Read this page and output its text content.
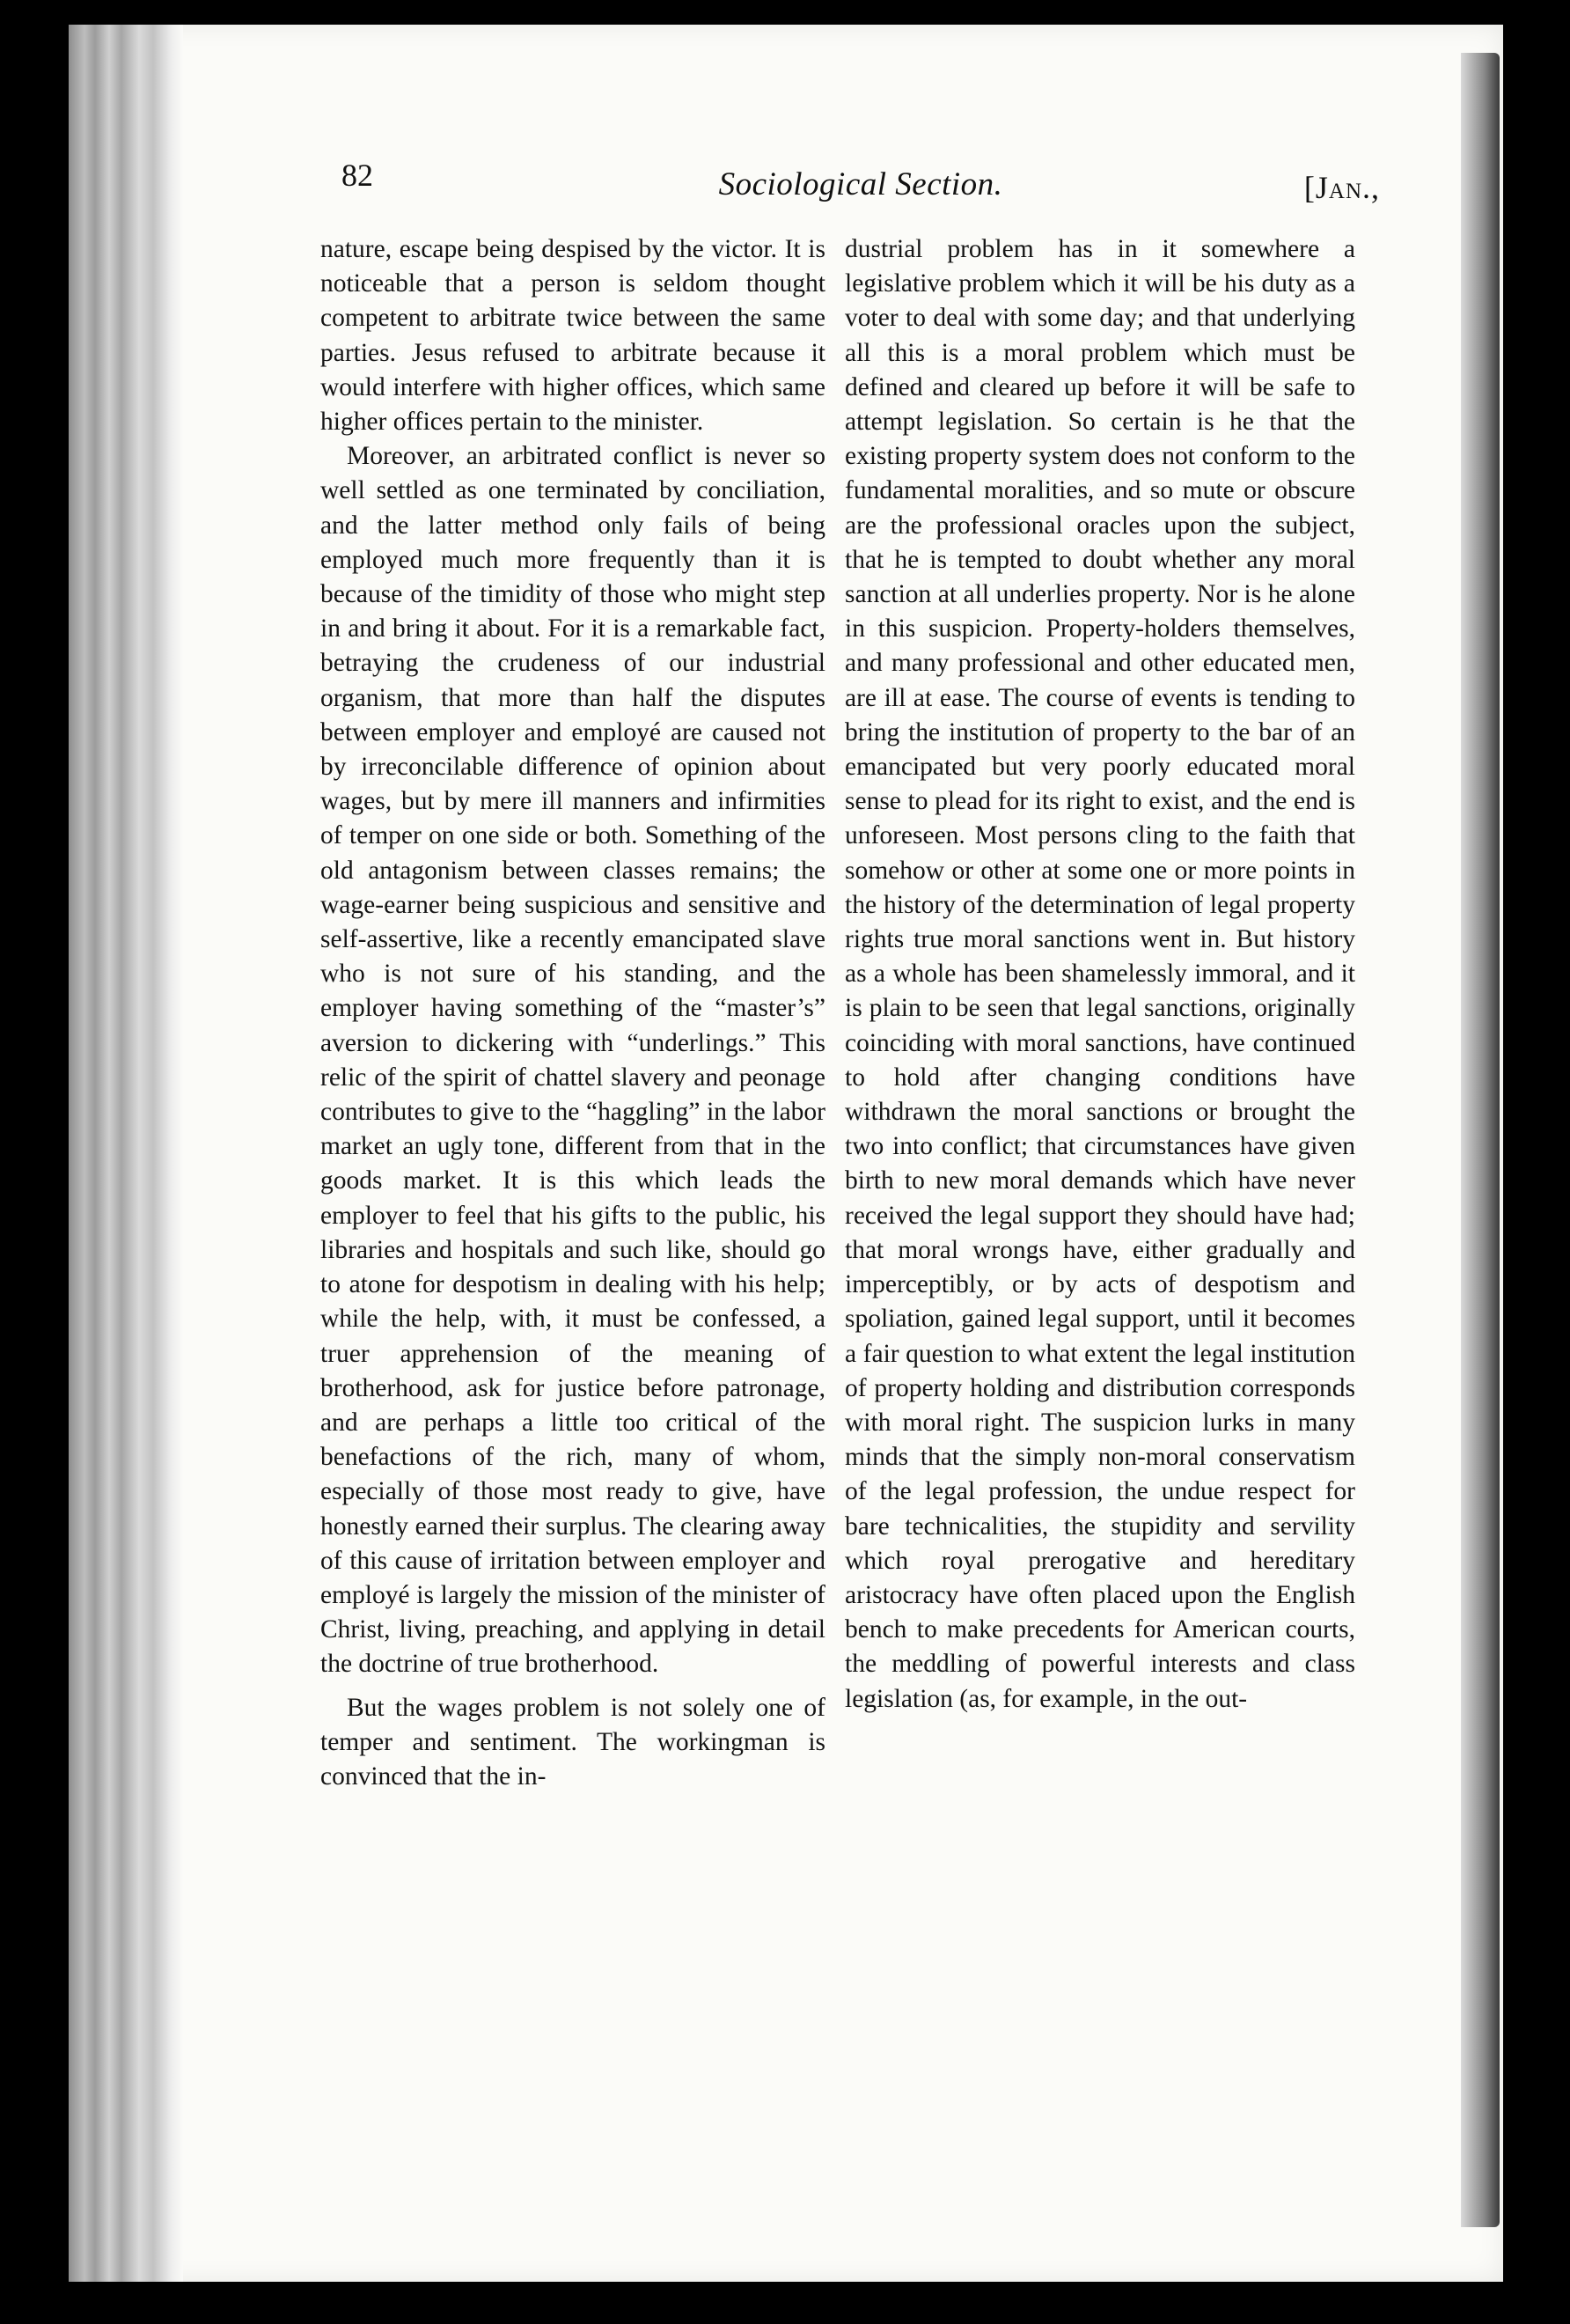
82	Sociological Section.	[Jan.,

nature, escape being despised by the victor. It is noticeable that a person is seldom thought competent to arbitrate twice between the same parties. Jesus refused to arbitrate because it would interfere with higher offices, which same higher offices pertain to the minister.

Moreover, an arbitrated conflict is never so well settled as one terminated by conciliation, and the latter method only fails of being employed much more frequently than it is because of the timidity of those who might step in and bring it about. For it is a remarkable fact, betraying the crudeness of our industrial organism, that more than half the disputes between employer and employé are caused not by irreconcilable difference of opinion about wages, but by mere ill manners and infirmities of temper on one side or both. Something of the old antagonism between classes remains; the wage-earner being suspicious and sensitive and self-assertive, like a recently emancipated slave who is not sure of his standing, and the employer having something of the “master’s” aversion to dickering with “underlings.” This relic of the spirit of chattel slavery and peonage contributes to give to the “haggling” in the labor market an ugly tone, different from that in the goods market. It is this which leads the employer to feel that his gifts to the public, his libraries and hospitals and such like, should go to atone for despotism in dealing with his help; while the help, with, it must be confessed, a truer apprehension of the meaning of brotherhood, ask for justice before patronage, and are perhaps a little too critical of the benefactions of the rich, many of whom, especially of those most ready to give, have honestly earned their surplus. The clearing away of this cause of irritation between employer and employé is largely the mission of the minister of Christ, living, preaching, and applying in detail the doctrine of true brotherhood.

But the wages problem is not solely one of temper and sentiment. The workingman is convinced that the in-

dustrial problem has in it somewhere a legislative problem which it will be his duty as a voter to deal with some day; and that underlying all this is a moral problem which must be defined and cleared up before it will be safe to attempt legislation. So certain is he that the existing property system does not conform to the fundamental moralities, and so mute or obscure are the professional oracles upon the subject, that he is tempted to doubt whether any moral sanction at all underlies property. Nor is he alone in this suspicion. Property-holders themselves, and many professional and other educated men, are ill at ease. The course of events is tending to bring the institution of property to the bar of an emancipated but very poorly educated moral sense to plead for its right to exist, and the end is unforeseen. Most persons cling to the faith that somehow or other at some one or more points in the history of the determination of legal property rights true moral sanctions went in. But history as a whole has been shamelessly immoral, and it is plain to be seen that legal sanctions, originally coinciding with moral sanctions, have continued to hold after changing conditions have withdrawn the moral sanctions or brought the two into conflict; that circumstances have given birth to new moral demands which have never received the legal support they should have had; that moral wrongs have, either gradually and imperceptibly, or by acts of despotism and spoliation, gained legal support, until it becomes a fair question to what extent the legal institution of property holding and distribution corresponds with moral right. The suspicion lurks in many minds that the simply non-moral conservatism of the legal profession, the undue respect for bare technicalities, the stupidity and servility which royal prerogative and hereditary aristocracy have often placed upon the English bench to make precedents for American courts, the meddling of powerful interests and class legislation (as, for example, in the out-
